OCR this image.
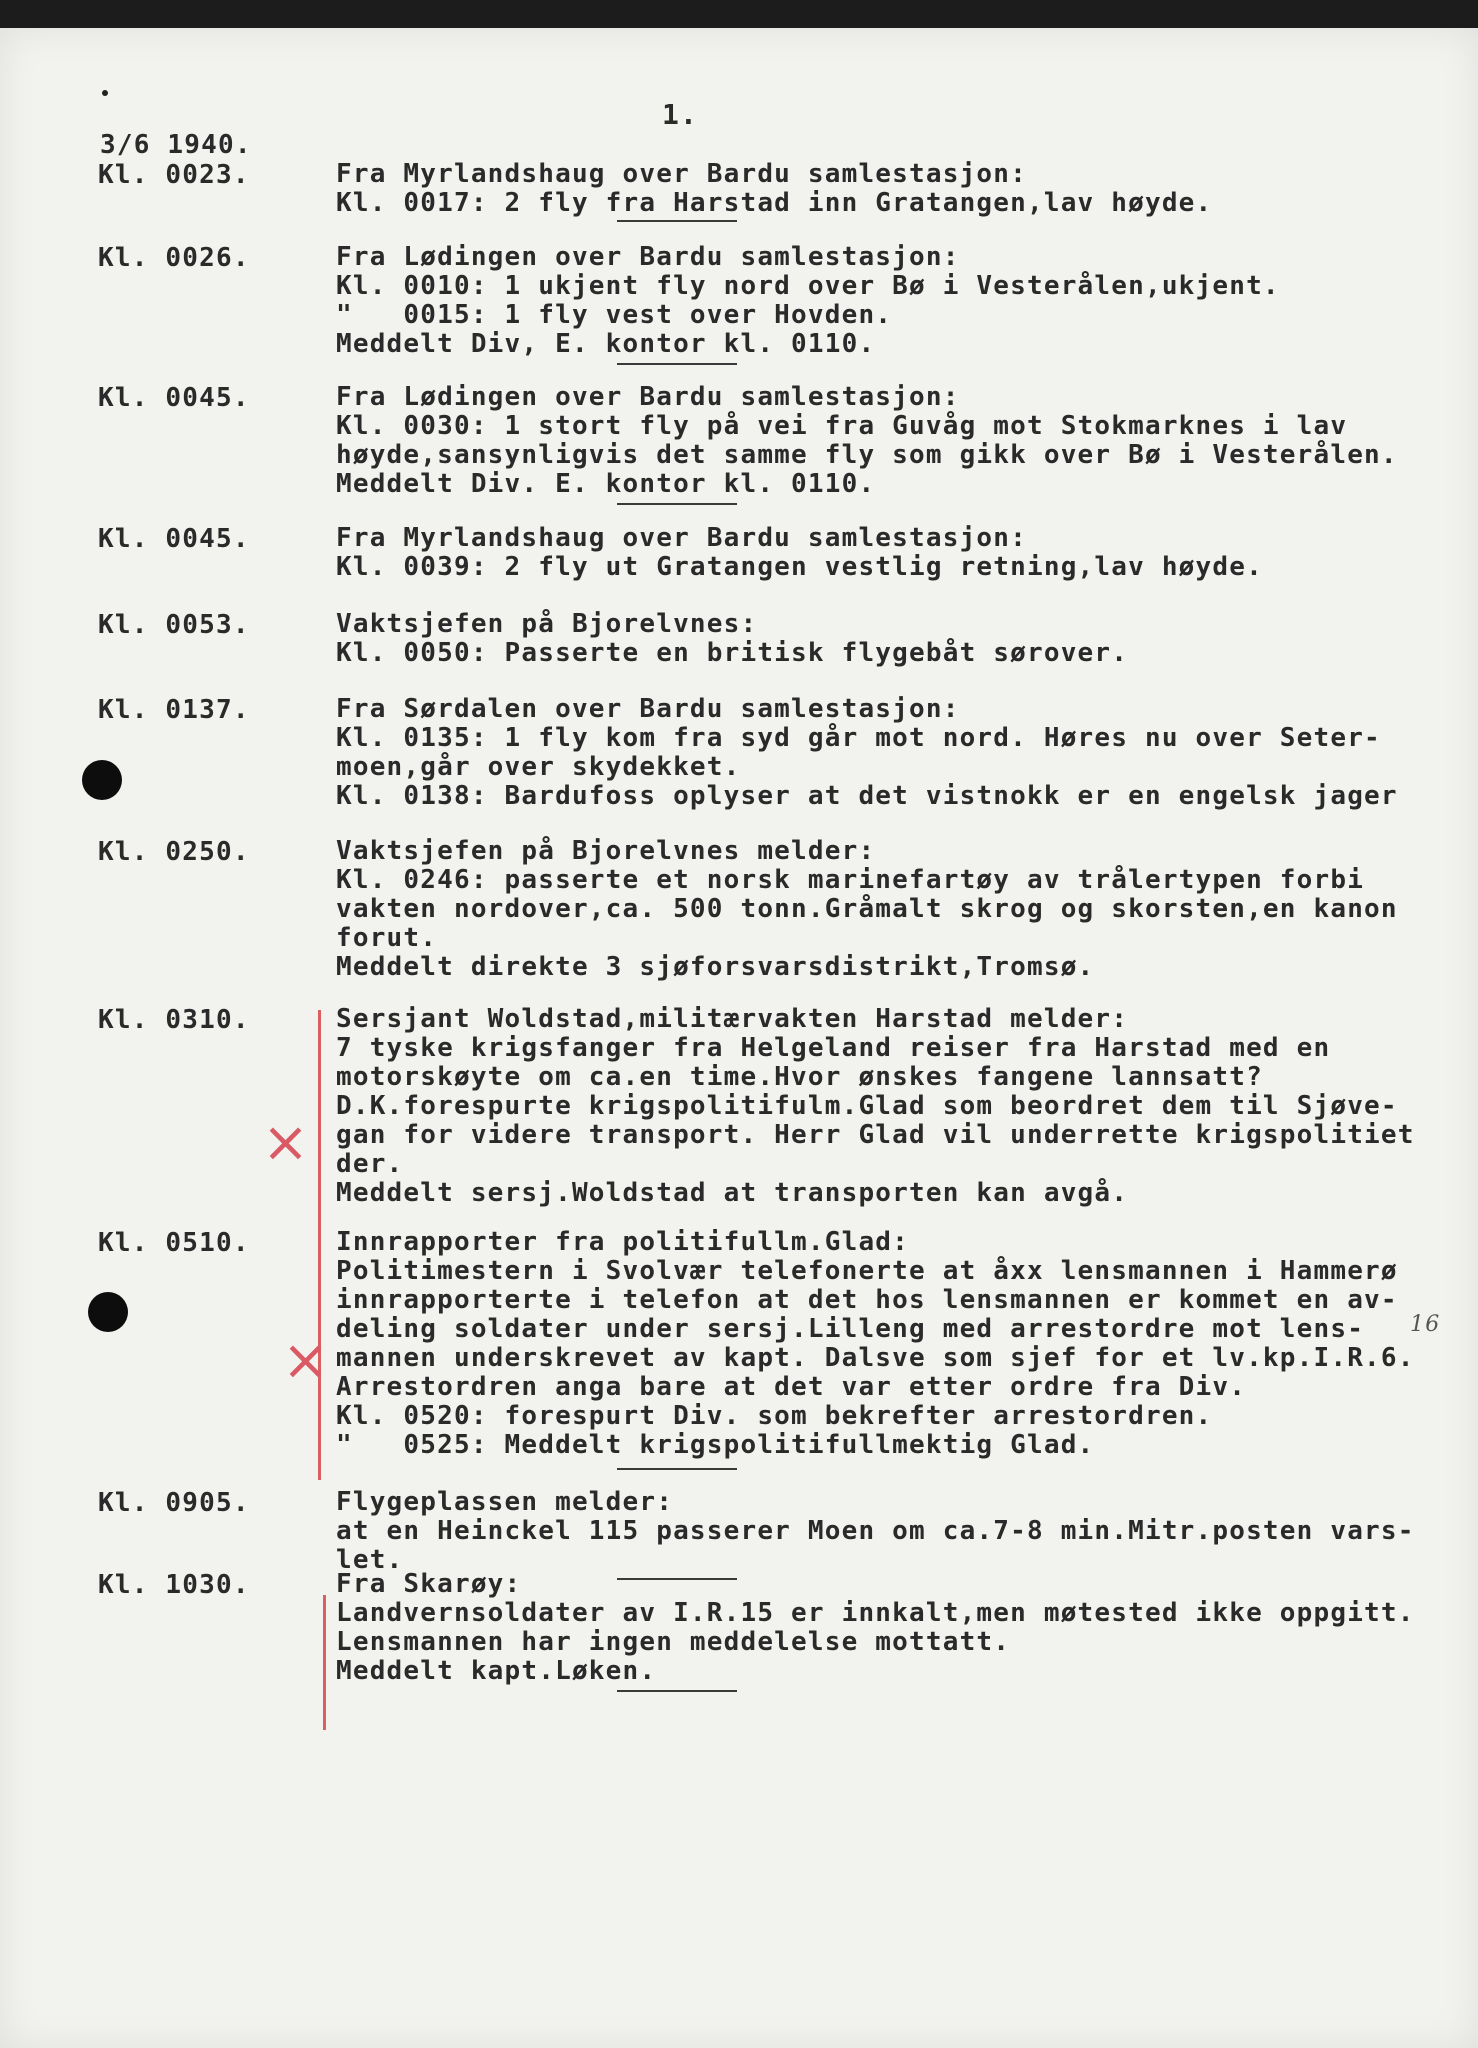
1.
3/6 1940.
×
×
16
Kl. 0023.	Fra Myrlandshaug over Bardu samlestasjon:
Kl. 0017: 2 fly fra Harstad inn Gratangen,lav høyde.
Kl. 0026.	Fra Lødingen over Bardu samlestasjon:
Kl. 0010: 1 ukjent fly nord over Bø i Vesterålen,ukjent.
"   0015: 1 fly vest over Hovden.
Meddelt Div, E. kontor kl. 0110.
Kl. 0045.	Fra Lødingen over Bardu samlestasjon:
Kl. 0030: 1 stort fly på vei fra Guvåg mot Stokmarknes i lav
høyde,sansynligvis det samme fly som gikk over Bø i Vesterålen.
Meddelt Div. E. kontor kl. 0110.
Kl. 0045.	Fra Myrlandshaug over Bardu samlestasjon:
Kl. 0039: 2 fly ut Gratangen vestlig retning,lav høyde.
Kl. 0053.	Vaktsjefen på Bjorelvnes:
Kl. 0050: Passerte en britisk flygebåt sørover.
Kl. 0137.	Fra Sørdalen over Bardu samlestasjon:
Kl. 0135: 1 fly kom fra syd går mot nord. Høres nu over Seter-
moen,går over skydekket.
Kl. 0138: Bardufoss oplyser at det vistnokk er en engelsk jager
Kl. 0250.	Vaktsjefen på Bjorelvnes melder:
Kl. 0246: passerte et norsk marinefartøy av trålertypen forbi
vakten nordover,ca. 500 tonn.Gråmalt skrog og skorsten,en kanon
forut.
Meddelt direkte 3 sjøforsvarsdistrikt,Tromsø.
Kl. 0310.	Sersjant Woldstad,militærvakten Harstad melder:
7 tyske krigsfanger fra Helgeland reiser fra Harstad med en
motorskøyte om ca.en time.Hvor ønskes fangene lannsatt?
D.K.forespurte krigspolitifulm.Glad som beordret dem til Sjøve-
gan for videre transport. Herr Glad vil underrette krigspolitiet
der.
Meddelt sersj.Woldstad at transporten kan avgå.
Kl. 0510.	Innrapporter fra politifullm.Glad:
Politimestern i Svolvær telefonerte at åxx lensmannen i Hammerø
innrapporterte i telefon at det hos lensmannen er kommet en av-
deling soldater under sersj.Lilleng med arrestordre mot lens-
mannen underskrevet av kapt. Dalsve som sjef for et lv.kp.I.R.6.
Arrestordren anga bare at det var etter ordre fra Div.
Kl. 0520: forespurt Div. som bekrefter arrestordren.
"   0525: Meddelt krigspolitifullmektig Glad.
Kl. 0905.	Flygeplassen melder:
at en Heinckel 115 passerer Moen om ca.7-8 min.Mitr.posten vars-
let.
Kl. 1030.	Fra Skarøy:
Landvernsoldater av I.R.15 er innkalt,men møtested ikke oppgitt.
Lensmannen har ingen meddelelse mottatt.
Meddelt kapt.Løken.
